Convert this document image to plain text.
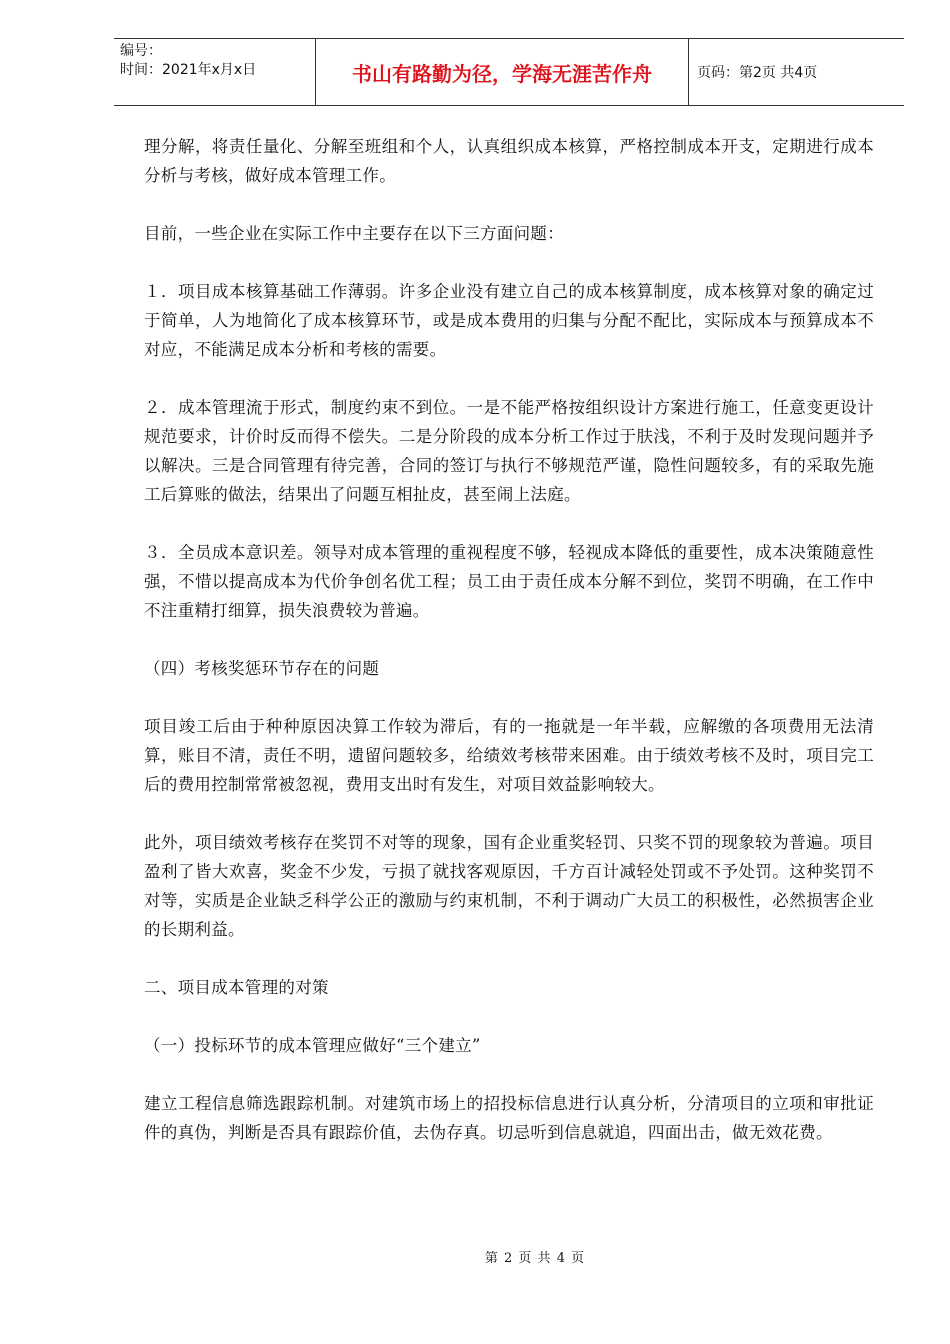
编号：
时间：2021年x月x日	书山有路勤为径，学海无涯苦作舟	页码：第2页 共4页

理分解，将责任量化、分解至班组和个人，认真组织成本核算，严格控制成本开支，定期进行成本分析与考核，做好成本管理工作。

目前，一些企业在实际工作中主要存在以下三方面问题：

１．项目成本核算基础工作薄弱。许多企业没有建立自己的成本核算制度，成本核算对象的确定过于简单，人为地简化了成本核算环节，或是成本费用的归集与分配不配比，实际成本与预算成本不对应，不能满足成本分析和考核的需要。

２．成本管理流于形式，制度约束不到位。一是不能严格按组织设计方案进行施工，任意变更设计规范要求，计价时反而得不偿失。二是分阶段的成本分析工作过于肤浅，不利于及时发现问题并予以解决。三是合同管理有待完善，合同的签订与执行不够规范严谨，隐性问题较多，有的采取先施工后算账的做法，结果出了问题互相扯皮，甚至闹上法庭。

３．全员成本意识差。领导对成本管理的重视程度不够，轻视成本降低的重要性，成本决策随意性强，不惜以提高成本为代价争创名优工程；员工由于责任成本分解不到位，奖罚不明确，在工作中不注重精打细算，损失浪费较为普遍。

（四）考核奖惩环节存在的问题

项目竣工后由于种种原因决算工作较为滞后，有的一拖就是一年半载，应解缴的各项费用无法清算，账目不清，责任不明，遗留问题较多，给绩效考核带来困难。由于绩效考核不及时，项目完工后的费用控制常常被忽视，费用支出时有发生，对项目效益影响较大。

此外，项目绩效考核存在奖罚不对等的现象，国有企业重奖轻罚、只奖不罚的现象较为普遍。项目盈利了皆大欢喜，奖金不少发，亏损了就找客观原因，千方百计减轻处罚或不予处罚。这种奖罚不对等，实质是企业缺乏科学公正的激励与约束机制，不利于调动广大员工的积极性，必然损害企业的长期利益。

二、项目成本管理的对策

（一）投标环节的成本管理应做好“三个建立”

建立工程信息筛选跟踪机制。对建筑市场上的招投标信息进行认真分析，分清项目的立项和审批证件的真伪，判断是否具有跟踪价值，去伪存真。切忌听到信息就追，四面出击，做无效花费。

第 2 页 共 4 页
